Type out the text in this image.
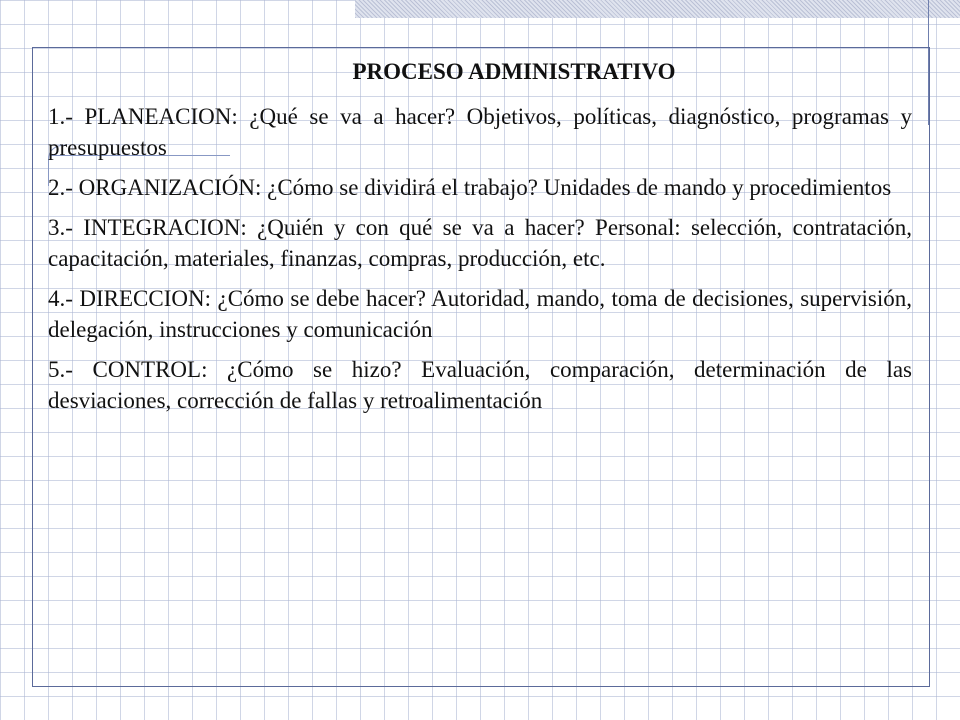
PROCESO ADMINISTRATIVO

1.- PLANEACION: ¿Qué se va a hacer? Objetivos, políticas, diagnóstico, programas y presupuestos

2.- ORGANIZACIÓN: ¿Cómo se dividirá el trabajo? Unidades de mando y procedimientos

3.- INTEGRACION: ¿Quién y con qué se va a hacer? Personal: selección, contratación, capacitación, materiales, finanzas, compras, producción, etc.

4.- DIRECCION: ¿Cómo se debe hacer? Autoridad, mando, toma de decisiones, supervisión, delegación, instrucciones y comunicación

5.- CONTROL: ¿Cómo se hizo? Evaluación, comparación, determinación de las desviaciones, corrección de fallas y retroalimentación
